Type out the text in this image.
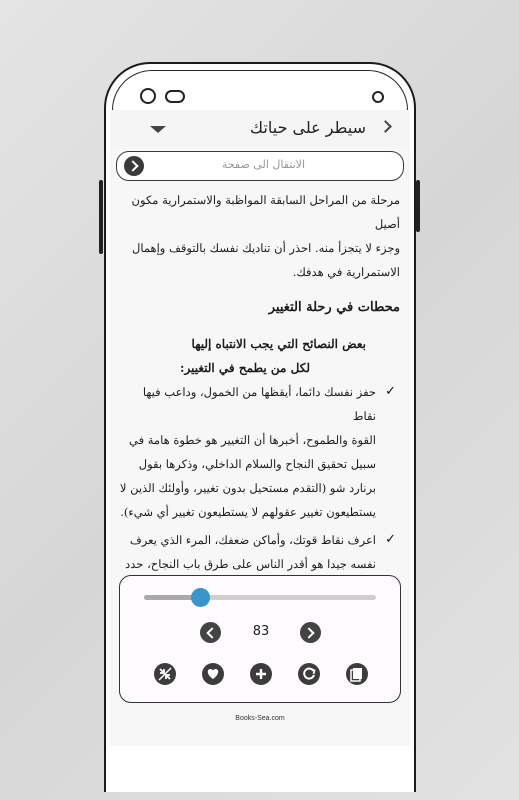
سيطر على حياتك
الانتقال الى صفحة

مرحلة من المراحل السابقة المواظبة والاستمرارية مكون أصيل

وجزء لا يتجزأ منه. احذر أن تناديك نفسك بالتوقف وإهمال

الاستمرارية في هدفك.

محطات في رحلة التغيير

بعض النصائح التي يجب الانتباه إليها

لكل من يطمح في التغيير:

✓

حفز نفسك دائما، أيقظها من الخمول، وداعب فيها نقاط

القوة والطموح، أخبرها أن التغيير هو خطوة هامة في

سبيل تحقيق النجاح والسلام الداخلي، وذكرها بقول

برنارد شو (التقدم مستحيل بدون تغيير، وأولئك الذين لا

يستطيعون تغيير عقولهم لا يستطيعون تغيير أي شيء).

✓

اعرف نقاط قوتك، وأماكن ضعفك، المرء الذي يعرف

نفسه جيدا هو أقدر الناس على طرق باب النجاح، حدد

83
Books-Sea.com
